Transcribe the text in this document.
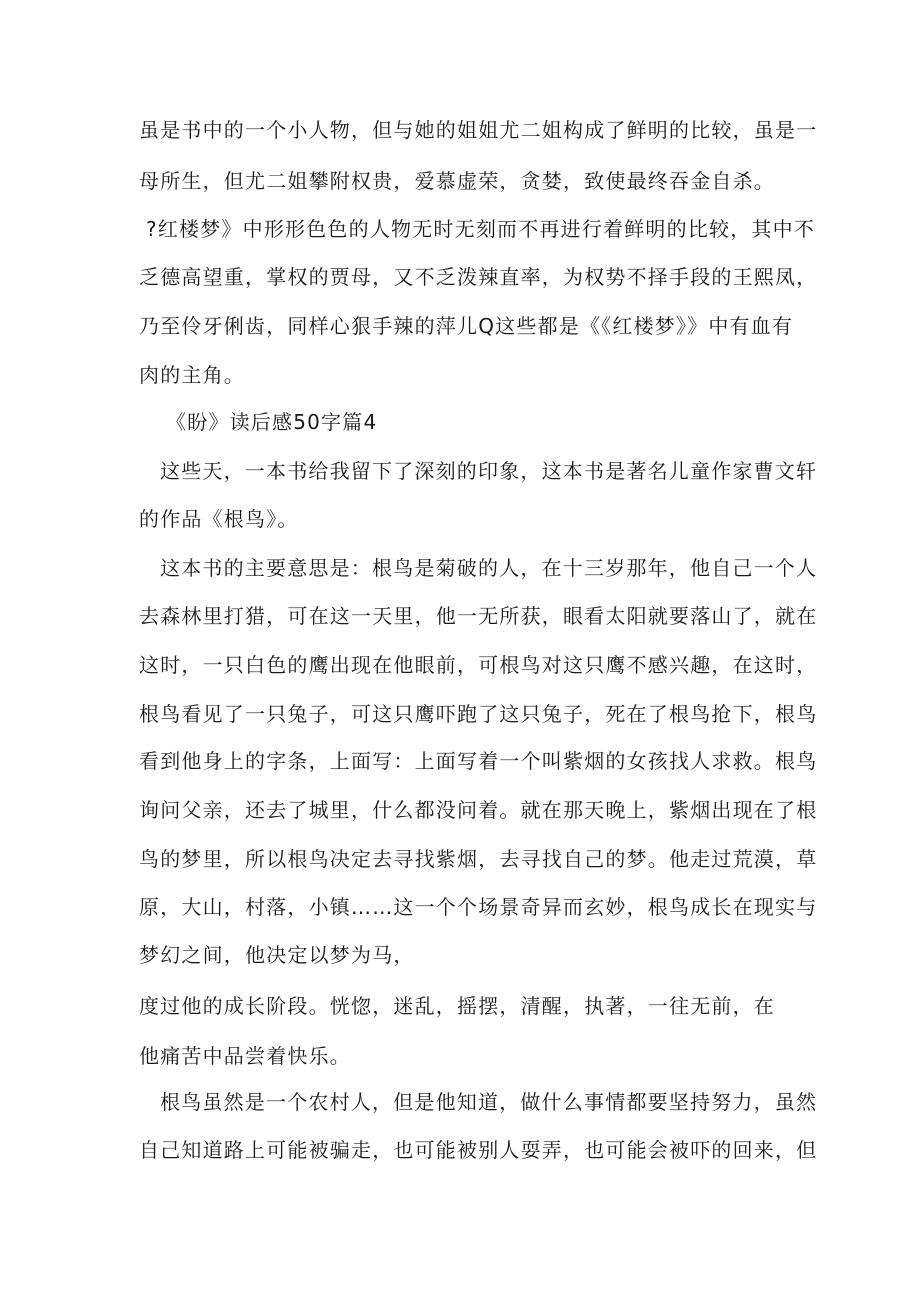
虽是书中的一个小人物，但与她的姐姐尤二姐构成了鲜明的比较，虽是一
母所生，但尤二姐攀附权贵，爱慕虚荣，贪婪，致使最终吞金自杀。
?红楼梦》中形形色色的人物无时无刻而不再进行着鲜明的比较，其中不
乏德高望重，掌权的贾母，又不乏泼辣直率，为权势不择手段的王熙凤，
乃至伶牙俐齿，同样心狠手辣的萍儿Q这些都是《《红楼梦》》中有血有
肉的主角。
《盼》读后感50字篇4
这些天，一本书给我留下了深刻的印象，这本书是著名儿童作家曹文轩
的作品《根鸟》。
这本书的主要意思是：根鸟是菊破的人，在十三岁那年，他自己一个人
去森林里打猎，可在这一天里，他一无所获，眼看太阳就要落山了，就在
这时，一只白色的鹰出现在他眼前，可根鸟对这只鹰不感兴趣，在这时，
根鸟看见了一只兔子，可这只鹰吓跑了这只兔子，死在了根鸟抢下，根鸟
看到他身上的字条，上面写：上面写着一个叫紫烟的女孩找人求救。根鸟
询问父亲，还去了城里，什么都没问着。就在那天晚上，紫烟出现在了根
鸟的梦里，所以根鸟决定去寻找紫烟，去寻找自己的梦。他走过荒漠，草
原，大山，村落，小镇……这一个个场景奇异而玄妙，根鸟成长在现实与
梦幻之间，他决定以梦为马，
度过他的成长阶段。恍惚，迷乱，摇摆，清醒，执著，一往无前，在
他痛苦中品尝着快乐。
根鸟虽然是一个农村人，但是他知道，做什么事情都要坚持努力，虽然
自己知道路上可能被骗走，也可能被别人耍弄，也可能会被吓的回来，但
